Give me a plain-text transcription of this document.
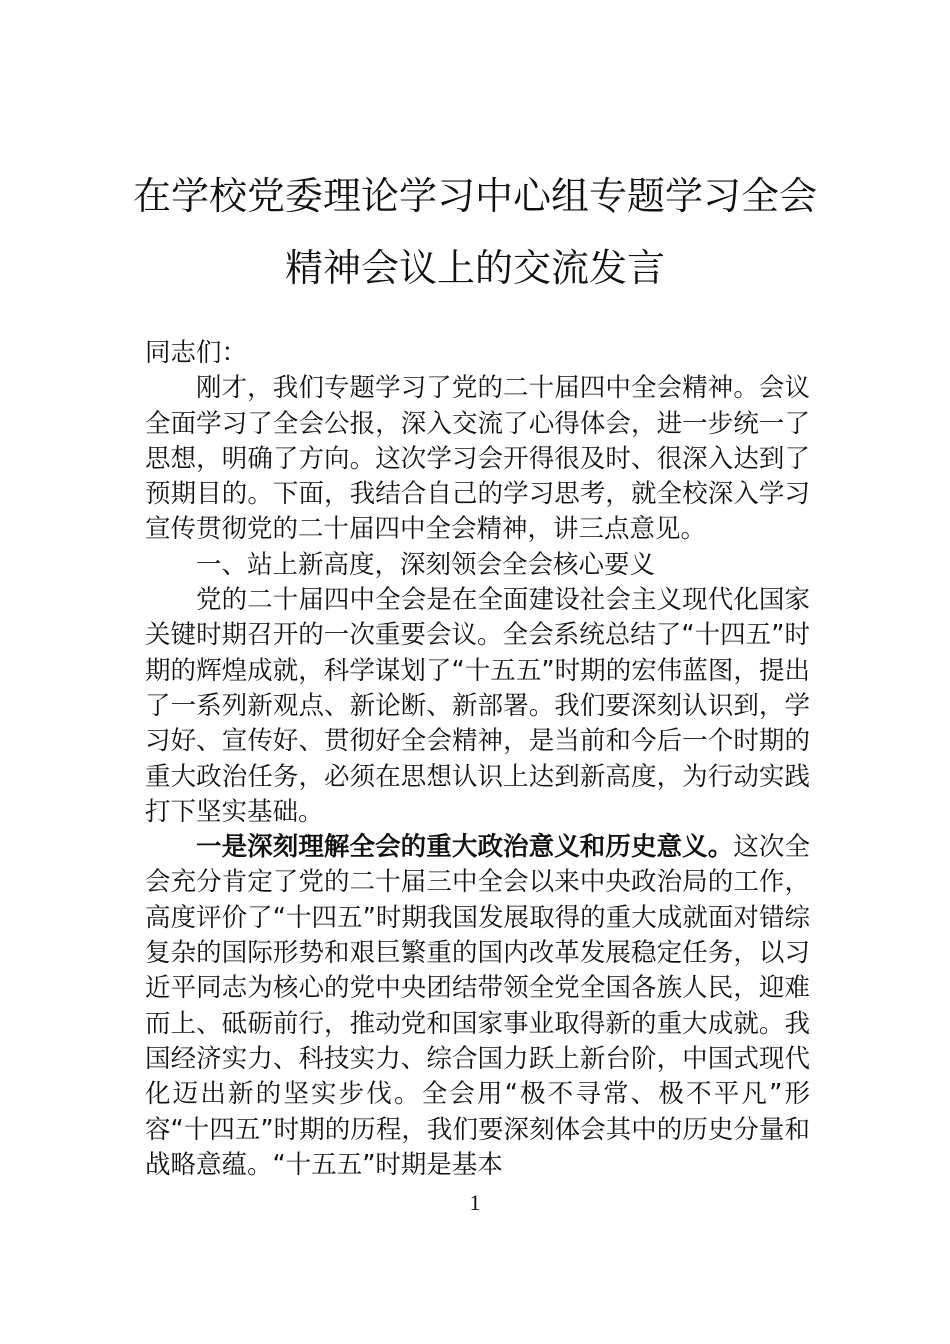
在学校党委理论学习中心组专题学习全会
精神会议上的交流发言

同志们：

刚才，我们专题学习了党的二十届四中全会精神。会议全面学习了全会公报，深入交流了心得体会，进一步统一了思想，明确了方向。这次学习会开得很及时、很深入达到了预期目的。下面，我结合自己的学习思考，就全校深入学习宣传贯彻党的二十届四中全会精神，讲三点意见。

一、站上新高度，深刻领会全会核心要义

党的二十届四中全会是在全面建设社会主义现代化国家关键时期召开的一次重要会议。全会系统总结了“十四五”时期的辉煌成就，科学谋划了“十五五”时期的宏伟蓝图，提出了一系列新观点、新论断、新部署。我们要深刻认识到，学习好、宣传好、贯彻好全会精神，是当前和今后一个时期的重大政治任务，必须在思想认识上达到新高度，为行动实践打下坚实基础。

一是深刻理解全会的重大政治意义和历史意义。这次全会充分肯定了党的二十届三中全会以来中央政治局的工作，高度评价了“十四五”时期我国发展取得的重大成就面对错综复杂的国际形势和艰巨繁重的国内改革发展稳定任务，以习近平同志为核心的党中央团结带领全党全国各族人民，迎难而上、砥砺前行，推动党和国家事业取得新的重大成就。我国经济实力、科技实力、综合国力跃上新台阶，中国式现代化迈出新的坚实步伐。全会用“极不寻常、极不平凡”形容“十四五”时期的历程，我们要深刻体会其中的历史分量和战略意蕴。“十五五”时期是基本

1
